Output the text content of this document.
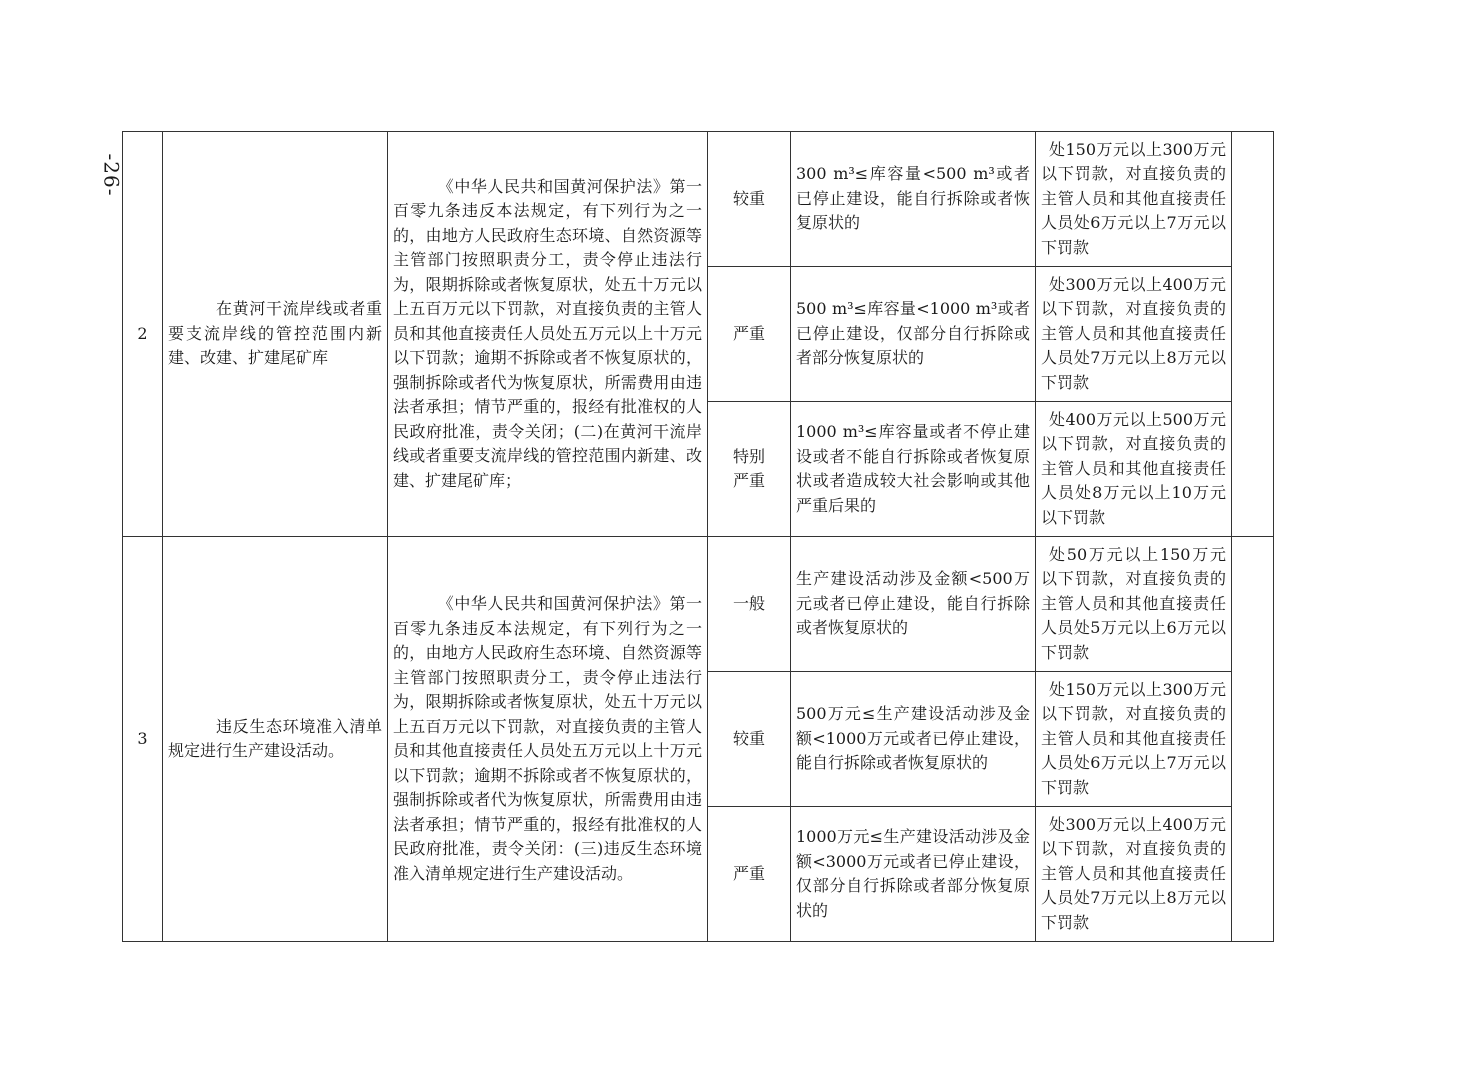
-26-
2	在黄河干流岸线或者重要支流岸线的管控范围内新建、改建、扩建尾矿库	《中华人民共和国黄河保护法》第一百零九条违反本法规定，有下列行为之一的，由地方人民政府生态环境、自然资源等主管部门按照职责分工，责令停止违法行为，限期拆除或者恢复原状，处五十万元以上五百万元以下罚款，对直接负责的主管人员和其他直接责任人员处五万元以上十万元以下罚款；逾期不拆除或者不恢复原状的，强制拆除或者代为恢复原状，所需费用由违法者承担；情节严重的，报经有批准权的人民政府批准，责令关闭；(二)在黄河干流岸线或者重要支流岸线的管控范围内新建、改建、扩建尾矿库；	较重	300 m³≤库容量<500 m³或者已停止建设，能自行拆除或者恢复原状的	处150万元以上300万元以下罚款，对直接负责的主管人员和其他直接责任人员处6万元以上7万元以下罚款	

			严重	500 m³≤库容量<1000 m³或者已停止建设，仅部分自行拆除或者部分恢复原状的	处300万元以上400万元以下罚款，对直接负责的主管人员和其他直接责任人员处7万元以上8万元以下罚款	

			特别严重	1000 m³≤库容量或者不停止建设或者不能自行拆除或者恢复原状或者造成较大社会影响或其他严重后果的	处400万元以上500万元以下罚款，对直接负责的主管人员和其他直接责任人员处8万元以上10万元以下罚款	

3	违反生态环境准入清单规定进行生产建设活动。	《中华人民共和国黄河保护法》第一百零九条违反本法规定，有下列行为之一的，由地方人民政府生态环境、自然资源等主管部门按照职责分工，责令停止违法行为，限期拆除或者恢复原状，处五十万元以上五百万元以下罚款，对直接负责的主管人员和其他直接责任人员处五万元以上十万元以下罚款；逾期不拆除或者不恢复原状的，强制拆除或者代为恢复原状，所需费用由违法者承担；情节严重的，报经有批准权的人民政府批准，责令关闭：(三)违反生态环境准入清单规定进行生产建设活动。	一般	生产建设活动涉及金额<500万元或者已停止建设，能自行拆除或者恢复原状的	处50万元以上150万元以下罚款，对直接负责的主管人员和其他直接责任人员处5万元以上6万元以下罚款	

			较重	500万元≤生产建设活动涉及金额<1000万元或者已停止建设，能自行拆除或者恢复原状的	处150万元以上300万元以下罚款，对直接负责的主管人员和其他直接责任人员处6万元以上7万元以下罚款	

			严重	1000万元≤生产建设活动涉及金额<3000万元或者已停止建设，仅部分自行拆除或者部分恢复原状的	处300万元以上400万元以下罚款，对直接负责的主管人员和其他直接责任人员处7万元以上8万元以下罚款	
